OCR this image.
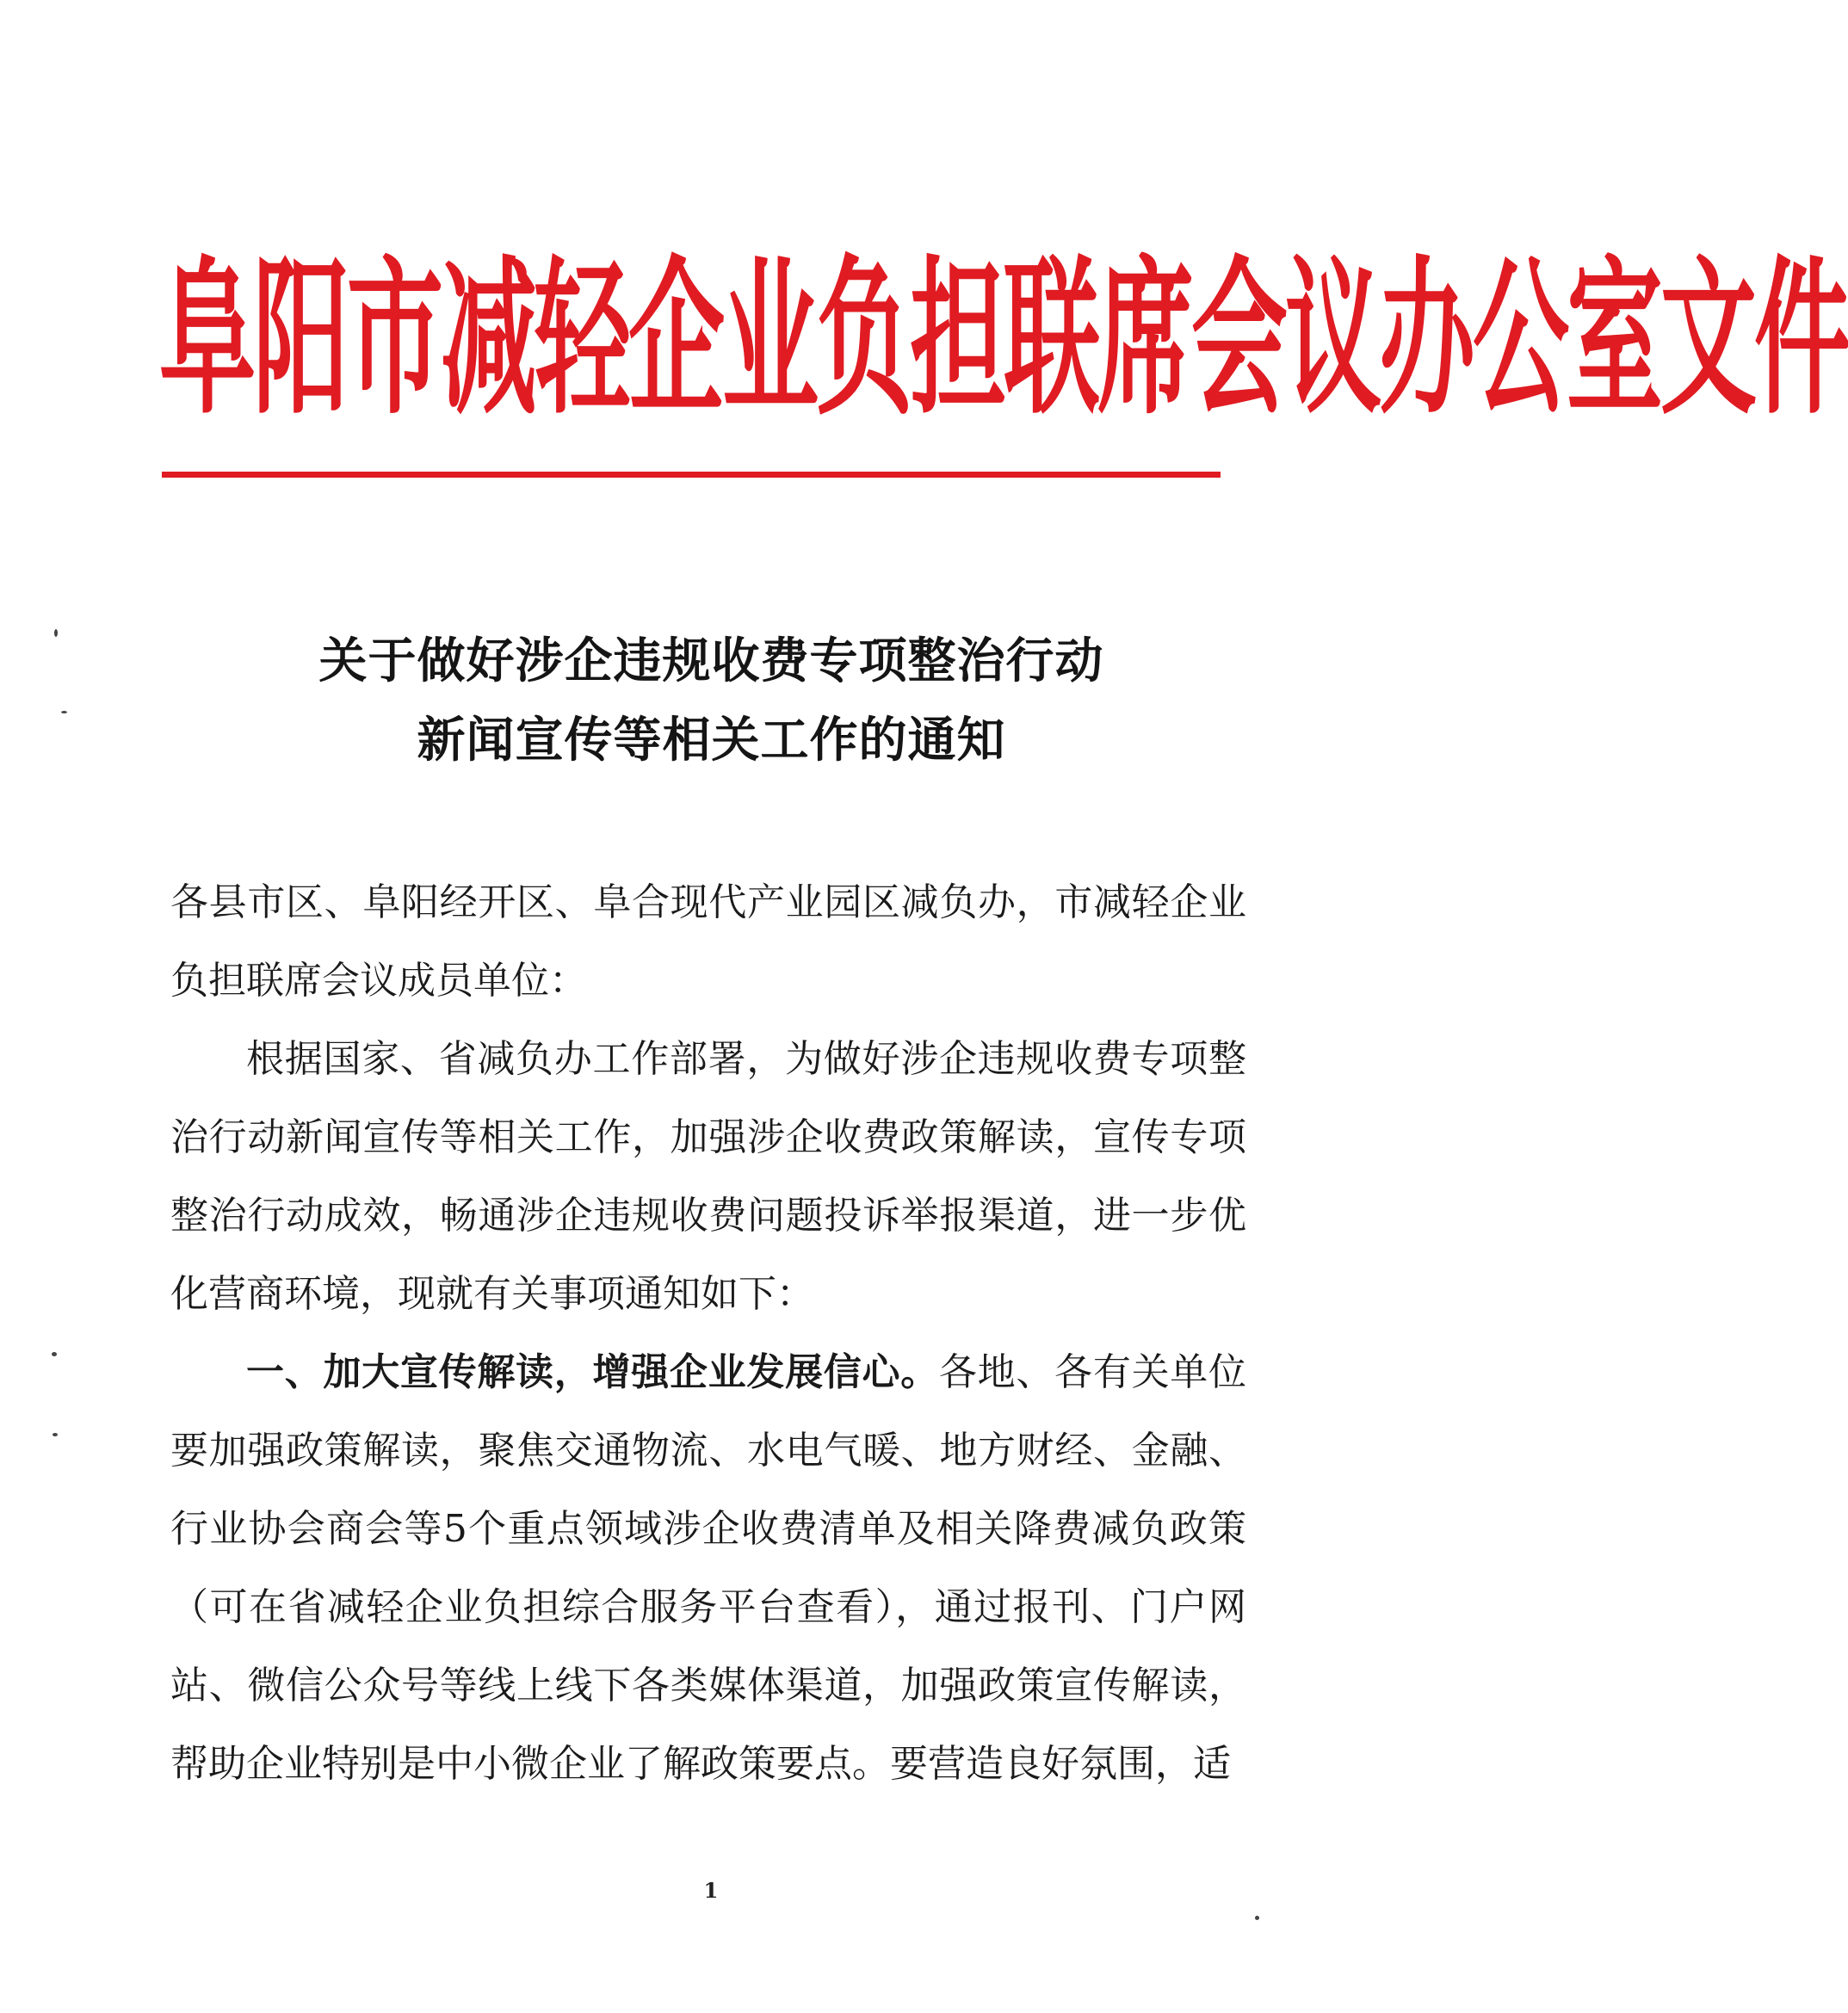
阜阳市减轻企业负担联席会议办公室文件
关于做好涉企违规收费专项整治行动
新闻宣传等相关工作的通知

各县市区、阜阳经开区、阜合现代产业园区减负办，市减轻企业负担联席会议成员单位：

根据国家、省减负办工作部署，为做好涉企违规收费专项整治行动新闻宣传等相关工作，加强涉企收费政策解读，宣传专项整治行动成效，畅通涉企违规收费问题投诉举报渠道，进一步优化营商环境，现就有关事项通知如下：

一、加大宣传解读，增强企业发展信心。各地、各有关单位要加强政策解读，聚焦交通物流、水电气暖、地方财经、金融、行业协会商会等5个重点领域涉企收费清单及相关降费减负政策（可在省减轻企业负担综合服务平台查看），通过报刊、门户网站、微信公众号等线上线下各类媒体渠道，加强政策宣传解读，帮助企业特别是中小微企业了解政策要点。要营造良好氛围，适

1
